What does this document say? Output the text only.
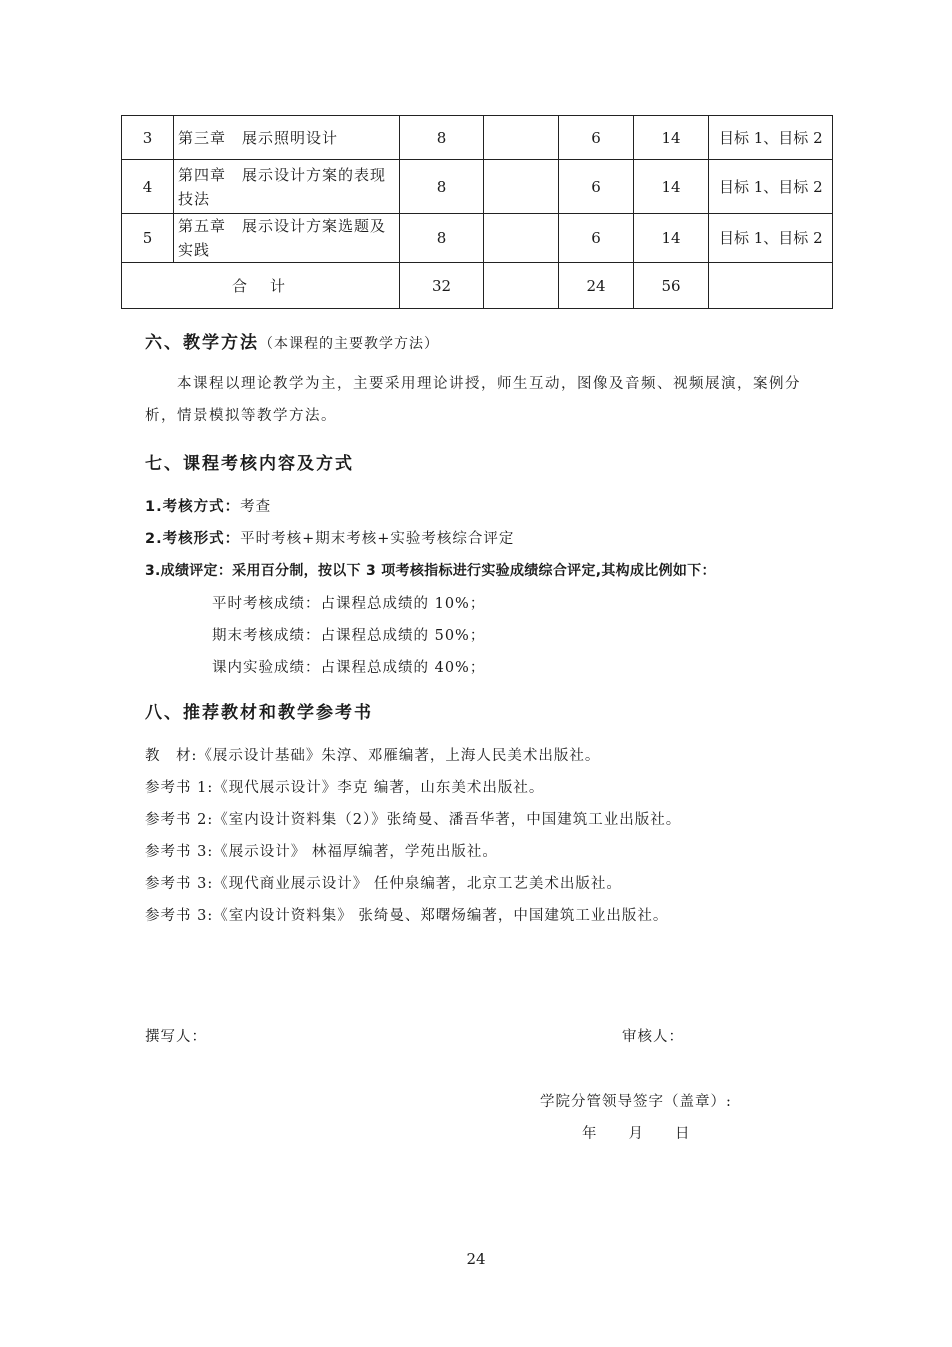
3	第三章　展示照明设计	8		6	14	目标 1、目标 2
4	第四章　展示设计方案的表现技法	8		6	14	目标 1、目标 2
5	第五章　展示设计方案选题及实践	8		6	14	目标 1、目标 2
合　计		32		24	56	
六、教学方法（本课程的主要教学方法）
本课程以理论教学为主，主要采用理论讲授，师生互动，图像及音频、视频展演，案例分析，情景模拟等教学方法。
七、课程考核内容及方式
1.考核方式：考查
2.考核形式：平时考核+期末考核+实验考核综合评定
3.成绩评定：采用百分制，按以下 3 项考核指标进行实验成绩综合评定,其构成比例如下：
平时考核成绩：占课程总成绩的 10%；
期末考核成绩：占课程总成绩的 50%；
课内实验成绩：占课程总成绩的 40%；
八、推荐教材和教学参考书
教　材:《展示设计基础》朱淳、邓雁编著，上海人民美术出版社。
参考书 1:《现代展示设计》李克 编著，山东美术出版社。
参考书 2:《室内设计资料集（2）》张绮曼、潘吾华著，中国建筑工业出版社。
参考书 3:《展示设计》 林福厚编著，学苑出版社。
参考书 3:《现代商业展示设计》 任仲泉编著，北京工艺美术出版社。
参考书 3:《室内设计资料集》 张绮曼、郑曙炀编著，中国建筑工业出版社。
撰写人：	审核人：
学院分管领导签字（盖章）:
年　　月　　日
24
